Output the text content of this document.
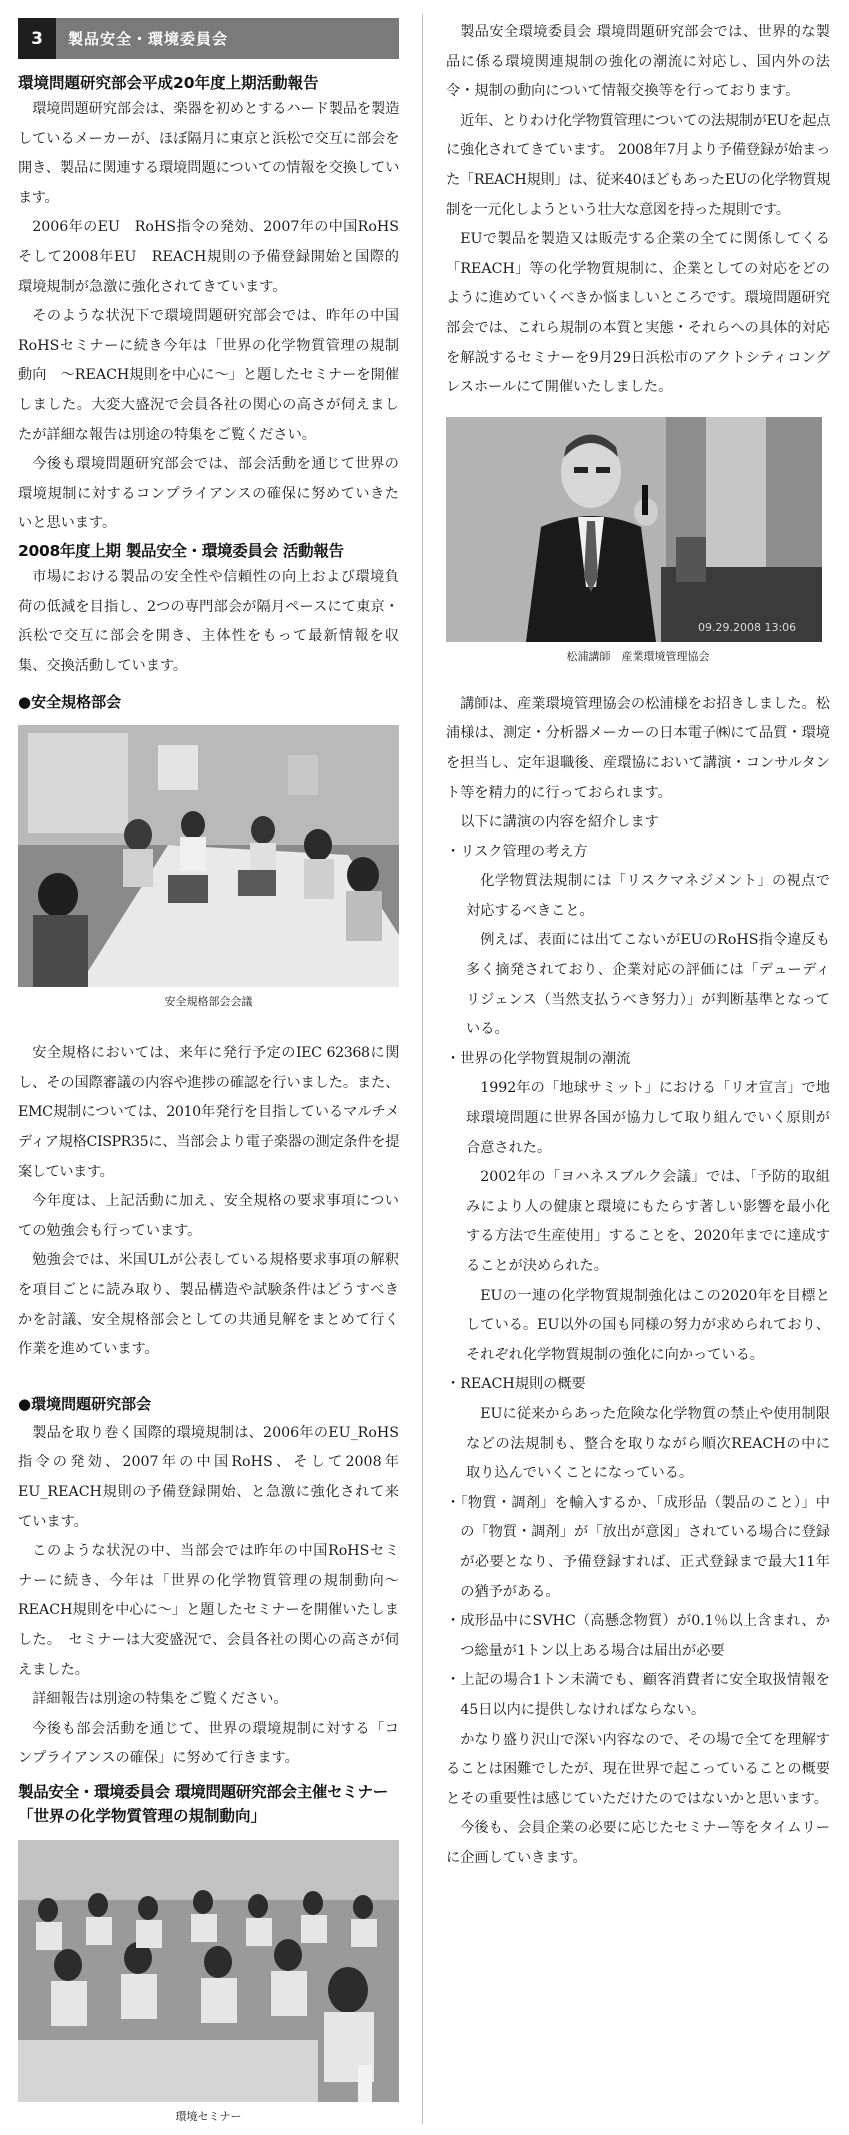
3	製品安全・環境委員会
環境問題研究部会平成20年度上期活動報告

環境問題研究部会は、楽器を初めとするハード製品を製造しているメーカーが、ほぼ隔月に東京と浜松で交互に部会を開き、製品に関連する環境問題についての情報を交換しています。

2006年のEU　RoHS指令の発効、2007年の中国RoHSそして2008年EU　REACH規則の予備登録開始と国際的環境規制が急激に強化されてきています。

そのような状況下で環境問題研究部会では、昨年の中国RoHSセミナーに続き今年は「世界の化学物質管理の規制動向　〜REACH規則を中心に〜」と題したセミナーを開催しました。大変大盛況で会員各社の関心の高さが伺えましたが詳細な報告は別途の特集をご覧ください。

今後も環境問題研究部会では、部会活動を通じて世界の環境規制に対するコンプライアンスの確保に努めていきたいと思います。

2008年度上期 製品安全・環境委員会 活動報告

市場における製品の安全性や信頼性の向上および環境負荷の低減を目指し、2つの専門部会が隔月ペースにて東京・浜松で交互に部会を開き、主体性をもって最新情報を収集、交換活動しています。

●安全規格部会
安全規格部会会議

安全規格においては、来年に発行予定のIEC 62368に関し、その国際審議の内容や進捗の確認を行いました。また、EMC規制については、2010年発行を目指しているマルチメディア規格CISPR35に、当部会より電子楽器の測定条件を提案しています。

今年度は、上記活動に加え、安全規格の要求事項についての勉強会も行っています。

勉強会では、米国ULが公表している規格要求事項の解釈を項目ごとに読み取り、製品構造や試験条件はどうすべきかを討議、安全規格部会としての共通見解をまとめて行く作業を進めています。

●環境問題研究部会

製品を取り巻く国際的環境規制は、2006年のEU_RoHS指令の発効、2007年の中国RoHS、そして2008年EU_REACH規則の予備登録開始、と急激に強化されて来ています。

このような状況の中、当部会では昨年の中国RoHSセミナーに続き、今年は「世界の化学物質管理の規制動向〜REACH規則を中心に〜」と題したセミナーを開催いたしました。　セミナーは大変盛況で、会員各社の関心の高さが伺えました。

詳細報告は別途の特集をご覧ください。

今後も部会活動を通じて、世界の環境規制に対する「コンプライアンスの確保」に努めて行きます。

製品安全・環境委員会 環境問題研究部会主催セミナー
「世界の化学物質管理の規制動向」
環境セミナー

製品安全環境委員会 環境問題研究部会では、世界的な製品に係る環境関連規制の強化の潮流に対応し、国内外の法令・規制の動向について情報交換等を行っております。

近年、とりわけ化学物質管理についての法規制がEUを起点に強化されてきています。 2008年7月より予備登録が始まった「REACH規則」は、従来40ほどもあったEUの化学物質規制を一元化しようという壮大な意図を持った規則です。

EUで製品を製造又は販売する企業の全てに関係してくる「REACH」等の化学物質規制に、企業としての対応をどのように進めていくべきか悩ましいところです。環境問題研究部会では、これら規制の本質と実態・それらへの具体的対応を解説するセミナーを9月29日浜松市のアクトシティコングレスホールにて開催いたしました。

09.29.2008 13:06
松浦講師　産業環境管理協会

講師は、産業環境管理協会の松浦様をお招きしました。松浦様は、測定・分析器メーカーの日本電子㈱にて品質・環境を担当し、定年退職後、産環協において講演・コンサルタント等を精力的に行っておられます。

以下に講演の内容を紹介します

・リスク管理の考え方

化学物質法規制には「リスクマネジメント」の視点で対応するべきこと。

例えば、表面には出てこないがEUのRoHS指令違反も多く摘発されており、企業対応の評価には「デューディリジェンス（当然支払うべき努力）」が判断基準となっている。

・世界の化学物質規制の潮流

1992年の「地球サミット」における「リオ宣言」で地球環境問題に世界各国が協力して取り組んでいく原則が合意された。

2002年の「ヨハネスブルク会議」では、「予防的取組みにより人の健康と環境にもたらす著しい影響を最小化する方法で生産使用」することを、2020年までに達成することが決められた。

EUの一連の化学物質規制強化はこの2020年を目標としている。EU以外の国も同様の努力が求められており、それぞれ化学物質規制の強化に向かっている。

・REACH規則の概要

EUに従来からあった危険な化学物質の禁止や使用制限などの法規制も、整合を取りながら順次REACHの中に取り込んでいくことになっている。

・「物質・調剤」を輸入するか、「成形品（製品のこと）」中の「物質・調剤」が「放出が意図」されている場合に登録が必要となり、予備登録すれば、正式登録まで最大11年の猶予がある。

・成形品中にSVHC（高懸念物質）が0.1％以上含まれ、かつ総量が1トン以上ある場合は届出が必要

・上記の場合1トン未満でも、顧客消費者に安全取扱情報を45日以内に提供しなければならない。

かなり盛り沢山で深い内容なので、その場で全てを理解することは困難でしたが、現在世界で起こっていることの概要とその重要性は感じていただけたのではないかと思います。

今後も、会員企業の必要に応じたセミナー等をタイムリーに企画していきます。
